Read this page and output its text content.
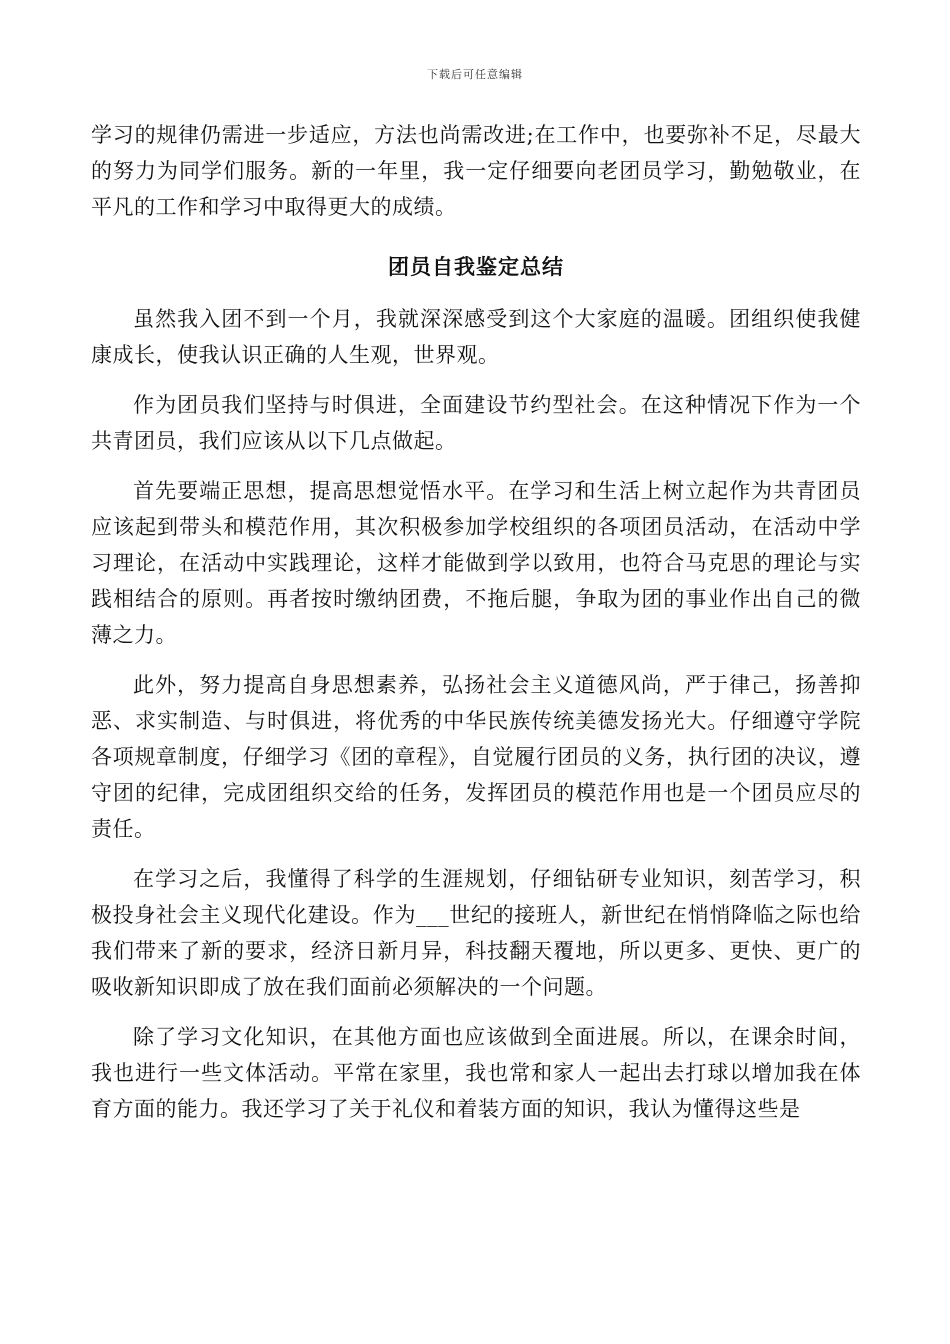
下载后可任意编辑

学习的规律仍需进一步适应，方法也尚需改进;在工作中，也要弥补不足，尽最大的努力为同学们服务。新的一年里，我一定仔细要向老团员学习，勤勉敬业，在平凡的工作和学习中取得更大的成绩。

团员自我鉴定总结

虽然我入团不到一个月，我就深深感受到这个大家庭的温暖。团组织使我健康成长，使我认识正确的人生观，世界观。

作为团员我们坚持与时俱进，全面建设节约型社会。在这种情况下作为一个共青团员，我们应该从以下几点做起。

首先要端正思想，提高思想觉悟水平。在学习和生活上树立起作为共青团员应该起到带头和模范作用，其次积极参加学校组织的各项团员活动，在活动中学习理论，在活动中实践理论，这样才能做到学以致用，也符合马克思的理论与实践相结合的原则。再者按时缴纳团费，不拖后腿，争取为团的事业作出自己的微薄之力。

此外，努力提高自身思想素养，弘扬社会主义道德风尚，严于律己，扬善抑恶、求实制造、与时俱进，将优秀的中华民族传统美德发扬光大。仔细遵守学院各项规章制度，仔细学习《团的章程》，自觉履行团员的义务，执行团的决议，遵守团的纪律，完成团组织交给的任务，发挥团员的模范作用也是一个团员应尽的责任。

在学习之后，我懂得了科学的生涯规划，仔细钻研专业知识，刻苦学习，积极投身社会主义现代化建设。作为___世纪的接班人，新世纪在悄悄降临之际也给我们带来了新的要求，经济日新月异，科技翻天覆地，所以更多、更快、更广的吸收新知识即成了放在我们面前必须解决的一个问题。

除了学习文化知识，在其他方面也应该做到全面进展。所以，在课余时间，我也进行一些文体活动。平常在家里，我也常和家人一起出去打球以增加我在体育方面的能力。我还学习了关于礼仪和着装方面的知识，我认为懂得这些是
